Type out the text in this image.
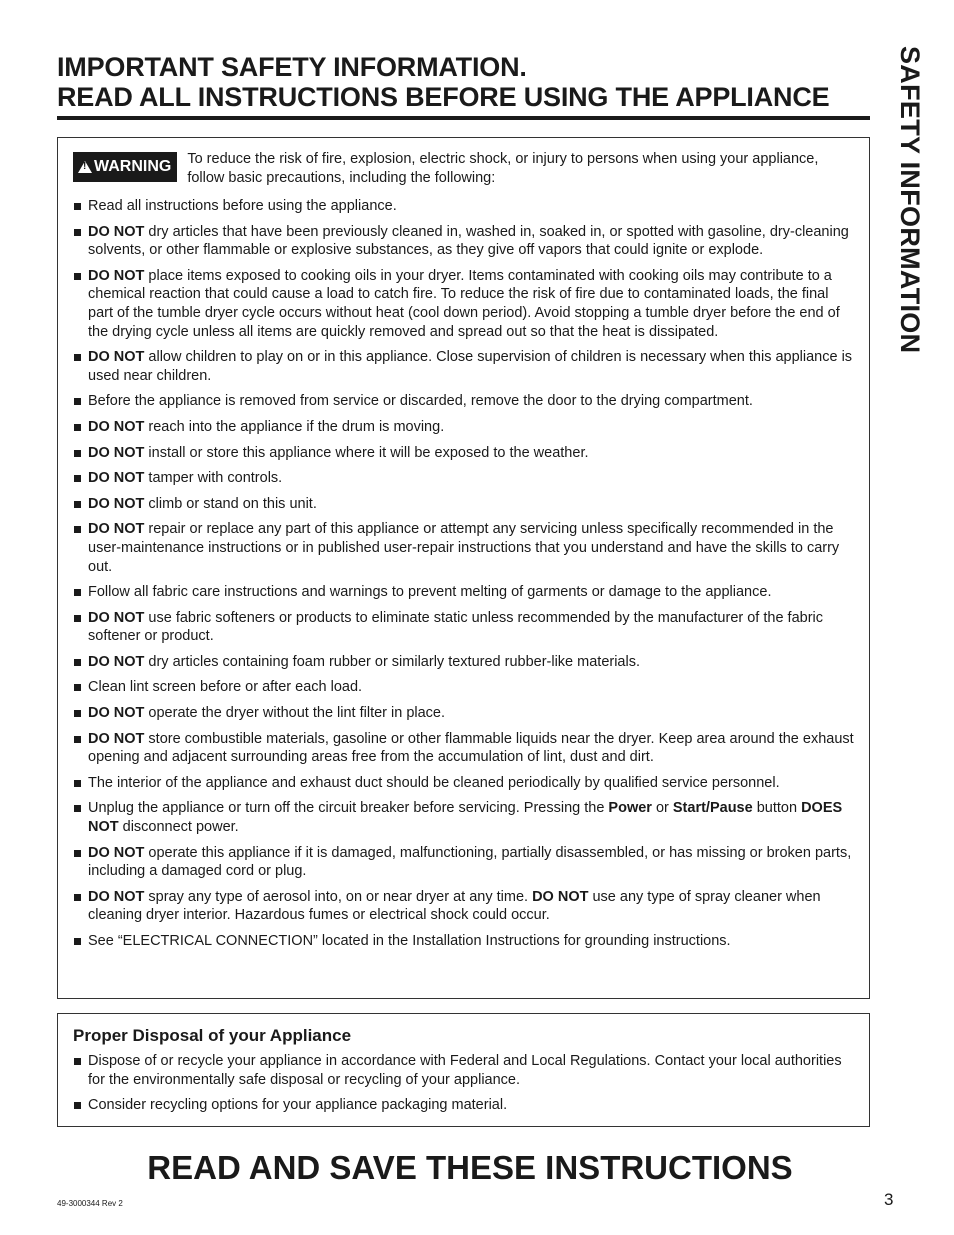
IMPORTANT SAFETY INFORMATION.
READ ALL INSTRUCTIONS BEFORE USING THE APPLIANCE	SAFETY INFORMATION
!
WARNING To reduce the risk of fire, explosion, electric shock, or injury to persons when using your appliance, follow basic precautions, including the following:
Read all instructions before using the appliance.
DO NOT dry articles that have been previously cleaned in, washed in, soaked in, or spotted with gasoline, dry-cleaning solvents, or other flammable or explosive substances, as they give off vapors that could ignite or explode.
DO NOT place items exposed to cooking oils in your dryer. Items contaminated with cooking oils may contribute to a chemical reaction that could cause a load to catch fire. To reduce the risk of fire due to contaminated loads, the final part of the tumble dryer cycle occurs without heat (cool down period). Avoid stopping a tumble dryer before the end of the drying cycle unless all items are quickly removed and spread out so that the heat is dissipated.
DO NOT allow children to play on or in this appliance. Close supervision of children is necessary when this appliance is used near children.
Before the appliance is removed from service or discarded, remove the door to the drying compartment.
DO NOT reach into the appliance if the drum is moving.
DO NOT install or store this appliance where it will be exposed to the weather.
DO NOT tamper with controls.
DO NOT climb or stand on this unit.
DO NOT repair or replace any part of this appliance or attempt any servicing unless specifically recommended in the user-maintenance instructions or in published user-repair instructions that you understand and have the skills to carry out.
Follow all fabric care instructions and warnings to prevent melting of garments or damage to the appliance.
DO NOT use fabric softeners or products to eliminate static unless recommended by the manufacturer of the fabric softener or product.
DO NOT dry articles containing foam rubber or similarly textured rubber-like materials.
Clean lint screen before or after each load.
DO NOT operate the dryer without the lint filter in place.
DO NOT store combustible materials, gasoline or other flammable liquids near the dryer. Keep area around the exhaust opening and adjacent surrounding areas free from the accumulation of lint, dust and dirt.
The interior of the appliance and exhaust duct should be cleaned periodically by qualified service personnel.
Unplug the appliance or turn off the circuit breaker before servicing. Pressing the Power or Start/Pause button DOES NOT disconnect power.
DO NOT operate this appliance if it is damaged, malfunctioning, partially disassembled, or has missing or broken parts, including a damaged cord or plug.
DO NOT spray any type of aerosol into, on or near dryer at any time. DO NOT use any type of spray cleaner when cleaning dryer interior. Hazardous fumes or electrical shock could occur.
See “ELECTRICAL CONNECTION” located in the Installation Instructions for grounding instructions.
Proper Disposal of your Appliance
Dispose of or recycle your appliance in accordance with Federal and Local Regulations. Contact your local authorities for the environmentally safe disposal or recycling of your appliance.
Consider recycling options for your appliance packaging material.
READ AND SAVE THESE INSTRUCTIONS
49-3000344 Rev 2	3
